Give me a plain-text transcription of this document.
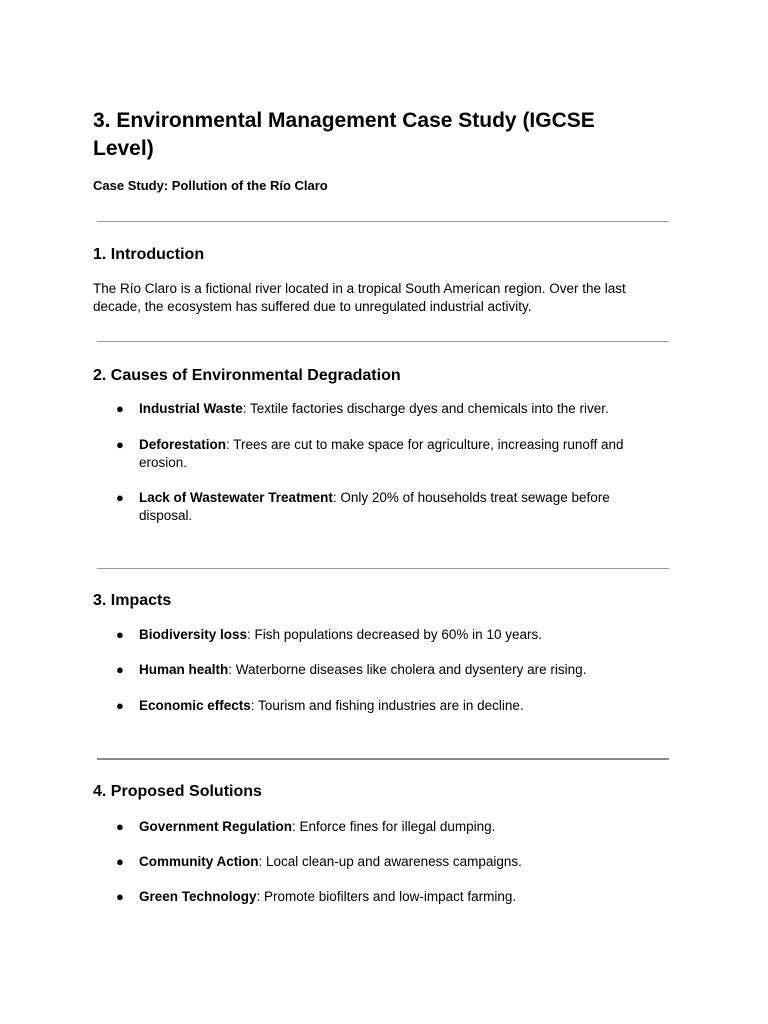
3. Environmental Management Case Study (IGCSE Level)

Case Study: Pollution of the Río Claro

1. Introduction

The Río Claro is a fictional river located in a tropical South American region. Over the last decade, the ecosystem has suffered due to unregulated industrial activity.

2. Causes of Environmental Degradation
● Industrial Waste: Textile factories discharge dyes and chemicals into the river.
● Deforestation: Trees are cut to make space for agriculture, increasing runoff and erosion.
● Lack of Wastewater Treatment: Only 20% of households treat sewage before disposal.
3. Impacts
● Biodiversity loss: Fish populations decreased by 60% in 10 years.
● Human health: Waterborne diseases like cholera and dysentery are rising.
● Economic effects: Tourism and fishing industries are in decline.
4. Proposed Solutions
● Government Regulation: Enforce fines for illegal dumping.
● Community Action: Local clean-up and awareness campaigns.
● Green Technology: Promote biofilters and low-impact farming.
